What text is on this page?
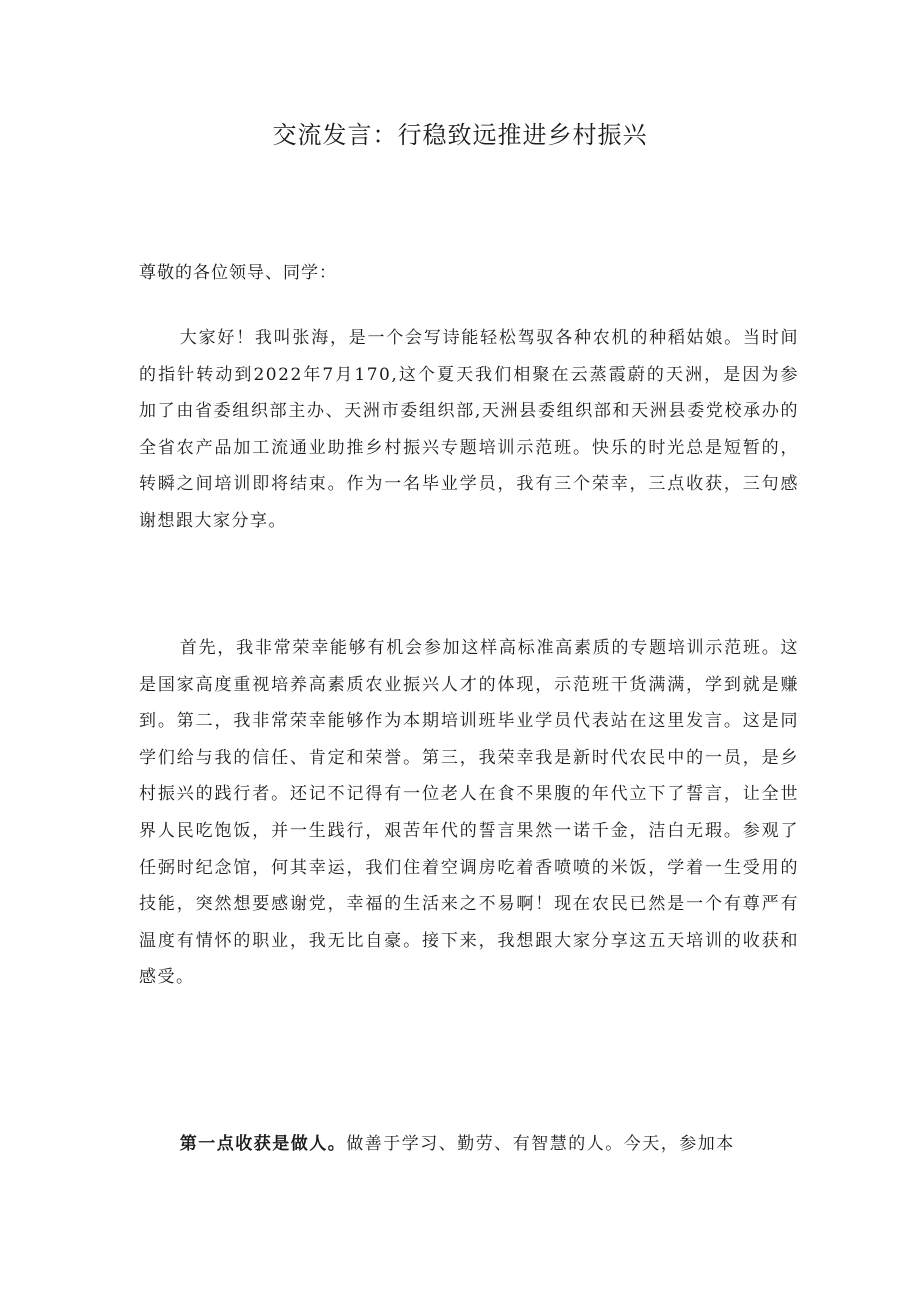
交流发言：行稳致远推进乡村振兴

尊敬的各位领导、同学：

大家好！我叫张海，是一个会写诗能轻松驾驭各种农机的种稻姑娘。当时间的指针转动到2022年7月170,这个夏天我们相聚在云蒸霞蔚的天洲，是因为参加了由省委组织部主办、天洲市委组织部,天洲县委组织部和天洲县委党校承办的全省农产品加工流通业助推乡村振兴专题培训示范班。快乐的时光总是短暂的，转瞬之间培训即将结束。作为一名毕业学员，我有三个荣幸，三点收获，三句感谢想跟大家分享。

首先，我非常荣幸能够有机会参加这样高标准高素质的专题培训示范班。这是国家高度重视培养高素质农业振兴人才的体现，示范班干货满满，学到就是赚到。第二，我非常荣幸能够作为本期培训班毕业学员代表站在这里发言。这是同学们给与我的信任、肯定和荣誉。第三，我荣幸我是新时代农民中的一员，是乡村振兴的践行者。还记不记得有一位老人在食不果腹的年代立下了誓言，让全世界人民吃饱饭，并一生践行，艰苦年代的誓言果然一诺千金，洁白无瑕。参观了任弼时纪念馆，何其幸运，我们住着空调房吃着香喷喷的米饭，学着一生受用的技能，突然想要感谢党，幸福的生活来之不易啊！现在农民已然是一个有尊严有温度有情怀的职业，我无比自豪。接下来，我想跟大家分享这五天培训的收获和感受。

第一点收获是做人。做善于学习、勤劳、有智慧的人。今天，参加本
